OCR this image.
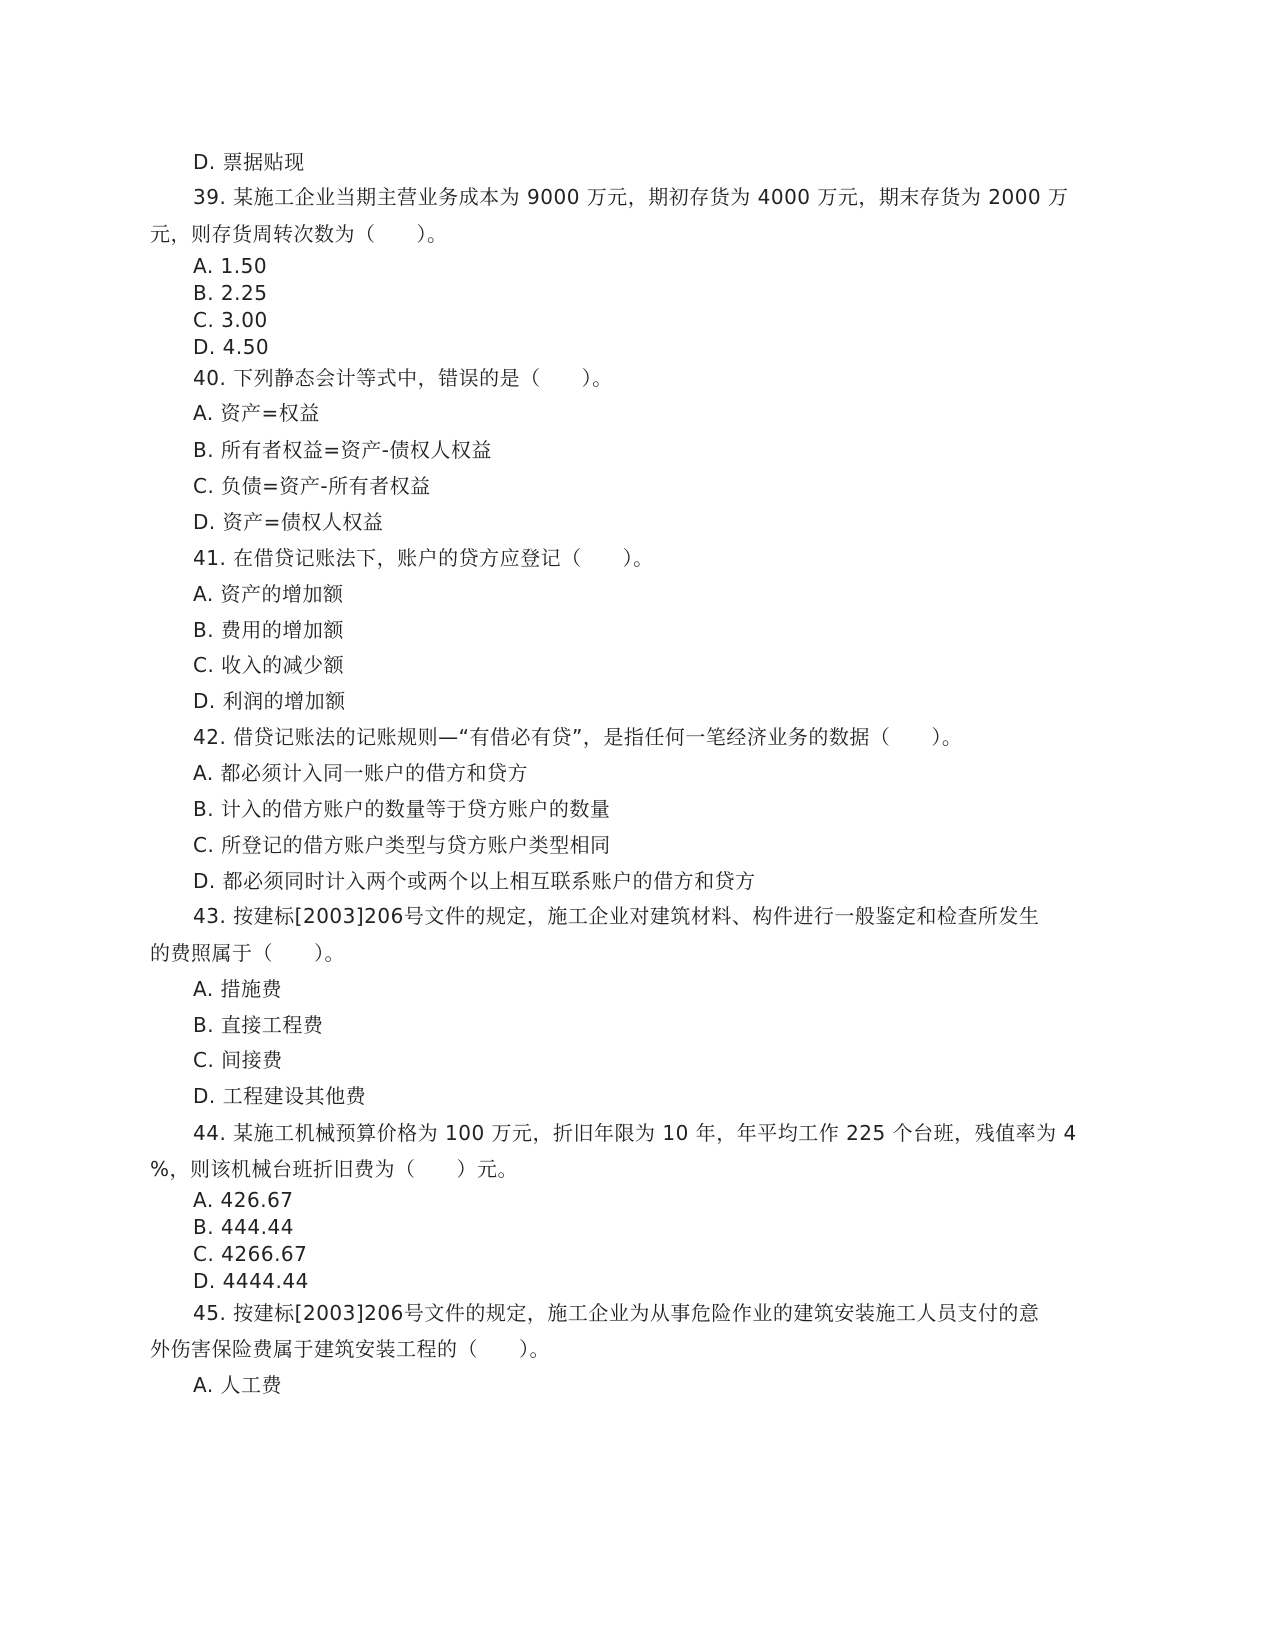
D. 票据贴现
39. 某施工企业当期主营业务成本为 9000 万元，期初存货为 4000 万元，期末存货为 2000 万
元，则存货周转次数为（　　）。
A. 1.50
B. 2.25
C. 3.00
D. 4.50
40. 下列静态会计等式中，错误的是（　　）。
A. 资产=权益
B. 所有者权益=资产-债权人权益
C. 负债=资产-所有者权益
D. 资产=债权人权益
41. 在借贷记账法下，账户的贷方应登记（　　）。
A. 资产的增加额
B. 费用的增加额
C. 收入的减少额
D. 利润的增加额
42. 借贷记账法的记账规则—“有借必有贷”，是指任何一笔经济业务的数据（　　）。
A. 都必须计入同一账户的借方和贷方
B. 计入的借方账户的数量等于贷方账户的数量
C. 所登记的借方账户类型与贷方账户类型相同
D. 都必须同时计入两个或两个以上相互联系账户的借方和贷方
43. 按建标[2003]206号文件的规定，施工企业对建筑材料、构件进行一般鉴定和检查所发生
的费照属于（　　）。
A. 措施费
B. 直接工程费
C. 间接费
D. 工程建设其他费
44. 某施工机械预算价格为 100 万元，折旧年限为 10 年，年平均工作 225 个台班，残值率为 4
%，则该机械台班折旧费为（　　）元。
A. 426.67
B. 444.44
C. 4266.67
D. 4444.44
45. 按建标[2003]206号文件的规定，施工企业为从事危险作业的建筑安装施工人员支付的意
外伤害保险费属于建筑安装工程的（　　）。
A. 人工费
